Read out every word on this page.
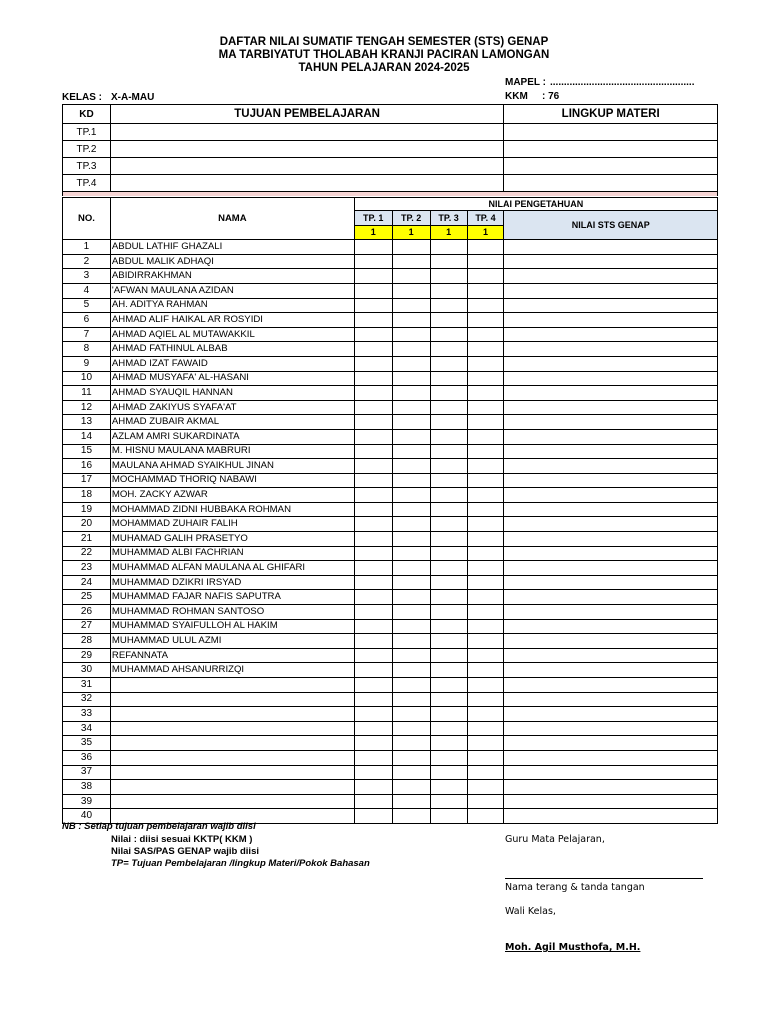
DAFTAR NILAI SUMATIF TENGAH SEMESTER (STS) GENAP
MA TARBIYATUT THOLABAH KRANJI PACIRAN LAMONGAN
TAHUN PELAJARAN 2024-2025
MAPEL : ....................................................
KKM : 76
KELAS : X-A-MAU
KD	TUJUAN PEMBELAJARAN	LINGKUP MATERI
TP.1		
TP.2		
TP.3		
TP.4		
NO.	NAMA	NILAI PENGETAHUAN				
		TP. 1	TP. 2	TP. 3	TP. 4	NILAI STS GENAP
		1	1	1	1	
1	ABDUL LATHIF GHAZALI					
2	ABDUL MALIK ADHAQI					
3	ABIDIRRAKHMAN					
4	'AFWAN MAULANA AZIDAN					
5	AH. ADITYA RAHMAN					
6	AHMAD ALIF HAIKAL AR ROSYIDI					
7	AHMAD AQIEL AL MUTAWAKKIL					
8	AHMAD FATHINUL ALBAB					
9	AHMAD IZAT FAWAID					
10	AHMAD MUSYAFA' AL-HASANI					
11	AHMAD SYAUQIL HANNAN					
12	AHMAD ZAKIYUS SYAFA'AT					
13	AHMAD ZUBAIR AKMAL					
14	AZLAM AMRI SUKARDINATA					
15	M. HISNU MAULANA MABRURI					
16	MAULANA AHMAD SYAIKHUL JINAN					
17	MOCHAMMAD THORIQ NABAWI					
18	MOH. ZACKY AZWAR					
19	MOHAMMAD ZIDNI HUBBAKA ROHMAN					
20	MOHAMMAD ZUHAIR FALIH					
21	MUHAMAD GALIH PRASETYO					
22	MUHAMMAD ALBI FACHRIAN					
23	MUHAMMAD ALFAN MAULANA AL GHIFARI					
24	MUHAMMAD DZIKRI IRSYAD					
25	MUHAMMAD FAJAR NAFIS SAPUTRA					
26	MUHAMMAD ROHMAN SANTOSO					
27	MUHAMMAD SYAIFULLOH AL HAKIM					
28	MUHAMMAD ULUL AZMI					
29	REFANNATA					
30	MUHAMMAD AHSANURRIZQI					
31						
32						
33						
34						
35						
36						
37						
38						
39						
40						
NB : Setiap tujuan pembelajaran wajib diisi
Nilai : diisi sesuai KKTP( KKM )
Nilai SAS/PAS GENAP wajib diisi
TP= Tujuan Pembelajaran /lingkup Materi/Pokok Bahasan
Guru Mata Pelajaran,
Nama terang & tanda tangan
Wali Kelas,
Moh. Agil Musthofa, M.H.
